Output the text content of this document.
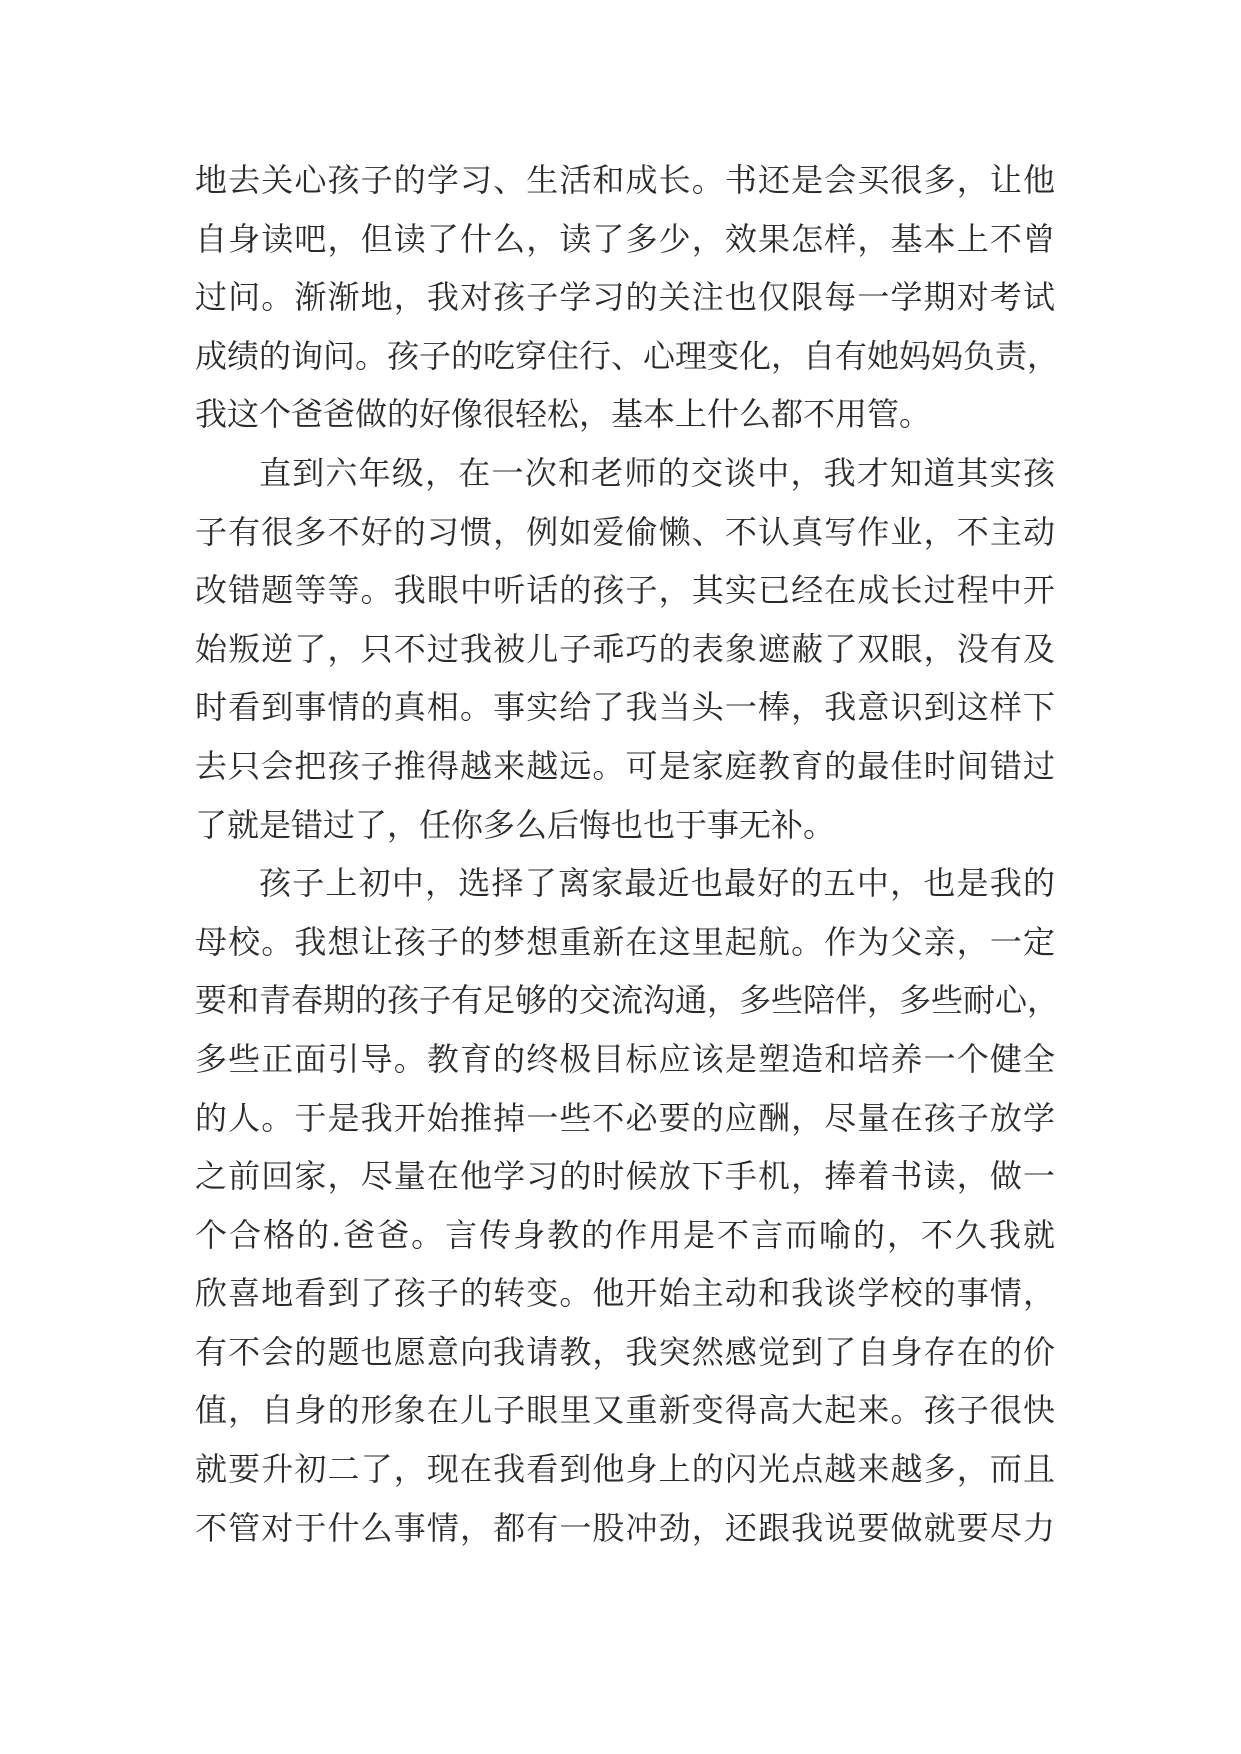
地去关心孩子的学习、生活和成长。书还是会买很多，让他
自身读吧，但读了什么，读了多少，效果怎样，基本上不曾
过问。渐渐地，我对孩子学习的关注也仅限每一学期对考试
成绩的询问。孩子的吃穿住行、心理变化，自有她妈妈负责，
我这个爸爸做的好像很轻松，基本上什么都不用管。
直到六年级，在一次和老师的交谈中，我才知道其实孩
子有很多不好的习惯，例如爱偷懒、不认真写作业，不主动
改错题等等。我眼中听话的孩子，其实已经在成长过程中开
始叛逆了，只不过我被儿子乖巧的表象遮蔽了双眼，没有及
时看到事情的真相。事实给了我当头一棒，我意识到这样下
去只会把孩子推得越来越远。可是家庭教育的最佳时间错过
了就是错过了，任你多么后悔也也于事无补。
孩子上初中，选择了离家最近也最好的五中，也是我的
母校。我想让孩子的梦想重新在这里起航。作为父亲，一定
要和青春期的孩子有足够的交流沟通，多些陪伴，多些耐心，
多些正面引导。教育的终极目标应该是塑造和培养一个健全
的人。于是我开始推掉一些不必要的应酬，尽量在孩子放学
之前回家，尽量在他学习的时候放下手机，捧着书读，做一
个合格的.爸爸。言传身教的作用是不言而喻的，不久我就
欣喜地看到了孩子的转变。他开始主动和我谈学校的事情，
有不会的题也愿意向我请教，我突然感觉到了自身存在的价
值，自身的形象在儿子眼里又重新变得高大起来。孩子很快
就要升初二了，现在我看到他身上的闪光点越来越多，而且
不管对于什么事情，都有一股冲劲，还跟我说要做就要尽力
